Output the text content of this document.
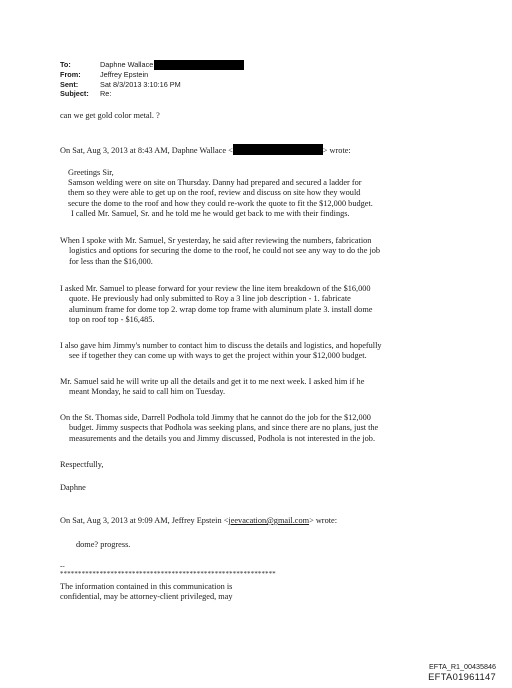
To:	Daphne Wallace
From:	Jeffrey Epstein
Sent:	Sat 8/3/2013 3:10:16 PM
Subject:	Re:
can we get gold color metal. ?
On Sat, Aug 3, 2013 at 8:43 AM, Daphne Wallace <	> wrote:
Greetings Sir,
Samson welding were on site on Thursday. Danny had prepared and secured a ladder for
them so they were able to get up on the roof, review and discuss on site how they would
secure the dome to the roof and how they could re-work the quote to fit the $12,000 budget.
I called Mr. Samuel, Sr. and he told me he would get back to me with their findings.
When I spoke with Mr. Samuel, Sr yesterday, he said after reviewing the numbers, fabrication
logistics and options for securing the dome to the roof, he could not see any way to do the job
for less than the $16,000.
I asked Mr. Samuel to please forward for your review the line item breakdown of the $16,000
quote. He previously had only submitted to Roy a 3 line job description - 1. fabricate
aluminum frame for dome top 2. wrap dome top frame with aluminum plate 3. install dome
top on roof top - $16,485.
I also gave him Jimmy's number to contact him to discuss the details and logistics, and hopefully
see if together they can come up with ways to get the project within your $12,000 budget.
Mr. Samuel said he will write up all the details and get it to me next week. I asked him if he
meant Monday, he said to call him on Tuesday.
On the St. Thomas side, Darrell Podhola told Jimmy that he cannot do the job for the $12,000
budget. Jimmy suspects that Podhola was seeking plans, and since there are no plans, just the
measurements and the details you and Jimmy discussed, Podhola is not interested in the job.
Respectfully,
Daphne
On Sat, Aug 3, 2013 at 9:09 AM, Jeffrey Epstein <jeevacation@gmail.com> wrote:
dome? progress.
--
************************************************************
The information contained in this communication is
confidential, may be attorney-client privileged, may
EFTA_R1_00435846
EFTA01961147
